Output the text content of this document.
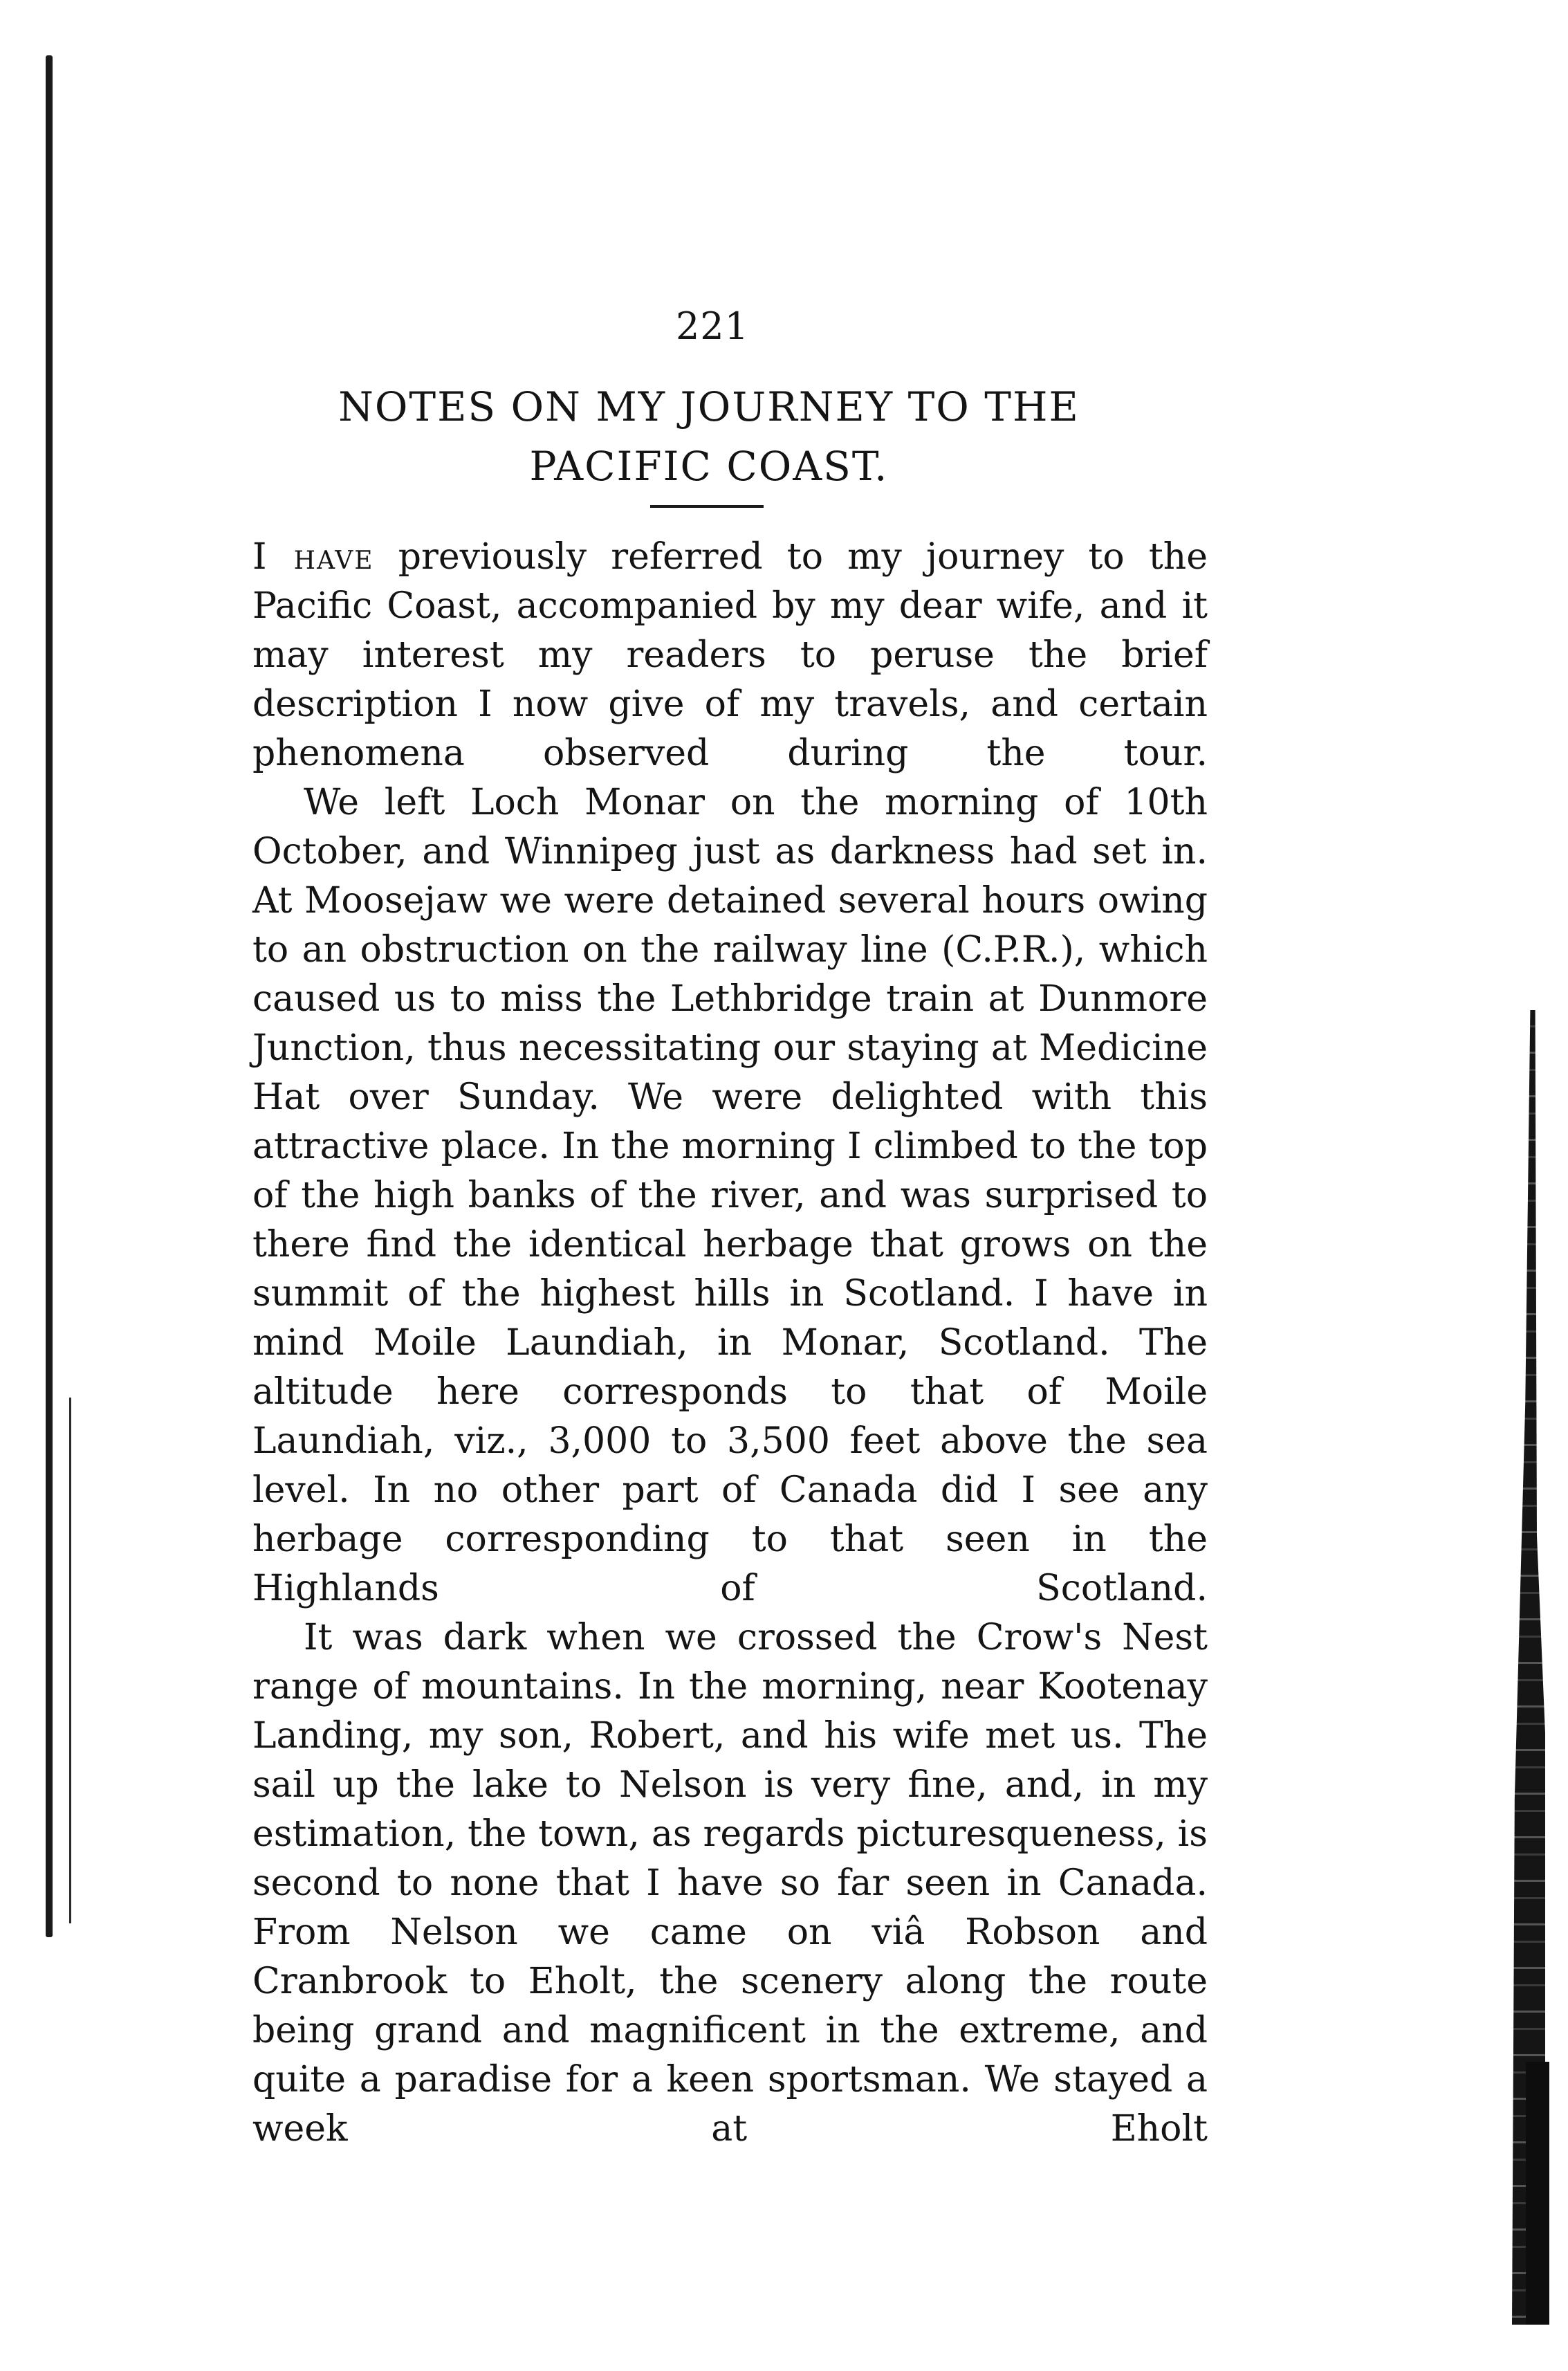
221
NOTES ON MY JOURNEY TO THE
PACIFIC COAST.

I have previously referred to my journey to the Pacific Coast, accompanied by my dear wife, and it may interest my readers to peruse the brief description I now give of my travels, and certain phenomena observed during the tour.

We left Loch Monar on the morning of 10th October, and Winnipeg just as darkness had set in. At Moosejaw we were detained several hours owing to an obstruction on the railway line (C.P.R.), which caused us to miss the Lethbridge train at Dunmore Junction, thus necessitating our staying at Medicine Hat over Sunday. We were delighted with this attractive place. In the morning I climbed to the top of the high banks of the river, and was surprised to there find the identical herbage that grows on the summit of the highest hills in Scotland. I have in mind Moile Laundiah, in Monar, Scotland. The altitude here corresponds to that of Moile Laundiah, viz., 3,000 to 3,500 feet above the sea level. In no other part of Canada did I see any herbage corresponding to that seen in the Highlands of Scotland.

It was dark when we crossed the Crow's Nest range of mountains. In the morning, near Kootenay Landing, my son, Robert, and his wife met us. The sail up the lake to Nelson is very fine, and, in my estimation, the town, as regards picturesqueness, is second to none that I have so far seen in Canada. From Nelson we came on viâ Robson and Cranbrook to Eholt, the scenery along the route being grand and magnificent in the extreme, and quite a paradise for a keen sportsman. We stayed a week at Eholt
